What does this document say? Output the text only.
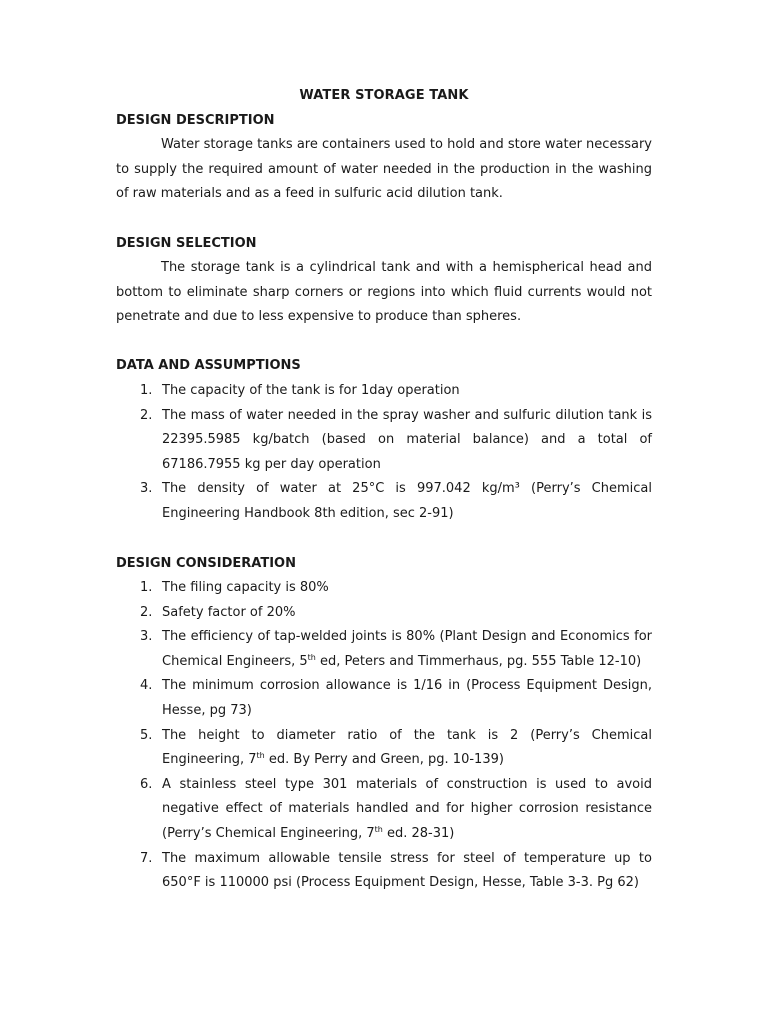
WATER STORAGE TANK
DESIGN DESCRIPTION

Water storage tanks are containers used to hold and store water necessary to supply the required amount of water needed in the production in the washing of raw materials and as a feed in sulfuric acid dilution tank.

DESIGN SELECTION

The storage tank is a cylindrical tank and with a hemispherical head and bottom to eliminate sharp corners or regions into which fluid currents would not penetrate and due to less expensive to produce than spheres.

DATA AND ASSUMPTIONS
1. The capacity of the tank is for 1day operation
2. The mass of water needed in the spray washer and sulfuric dilution tank is 22395.5985 kg/batch (based on material balance) and a total of 67186.7955 kg per day operation
3. The density of water at 25°C is 997.042 kg/m³ (Perry’s Chemical Engineering Handbook 8th edition, sec 2-91)
DESIGN CONSIDERATION
1. The filing capacity is 80%
2. Safety factor of 20%
3. The efficiency of tap-welded joints is 80% (Plant Design and Economics for Chemical Engineers, 5th ed, Peters and Timmerhaus, pg. 555 Table 12-10)
4. The minimum corrosion allowance is 1/16 in (Process Equipment Design, Hesse, pg 73)
5. The height to diameter ratio of the tank is 2 (Perry’s Chemical Engineering, 7th ed. By Perry and Green, pg. 10-139)
6. A stainless steel type 301 materials of construction is used to avoid negative effect of materials handled and for higher corrosion resistance (Perry’s Chemical Engineering, 7th ed. 28-31)
7. The maximum allowable tensile stress for steel of temperature up to 650°F is 110000 psi (Process Equipment Design, Hesse, Table 3-3. Pg 62)
